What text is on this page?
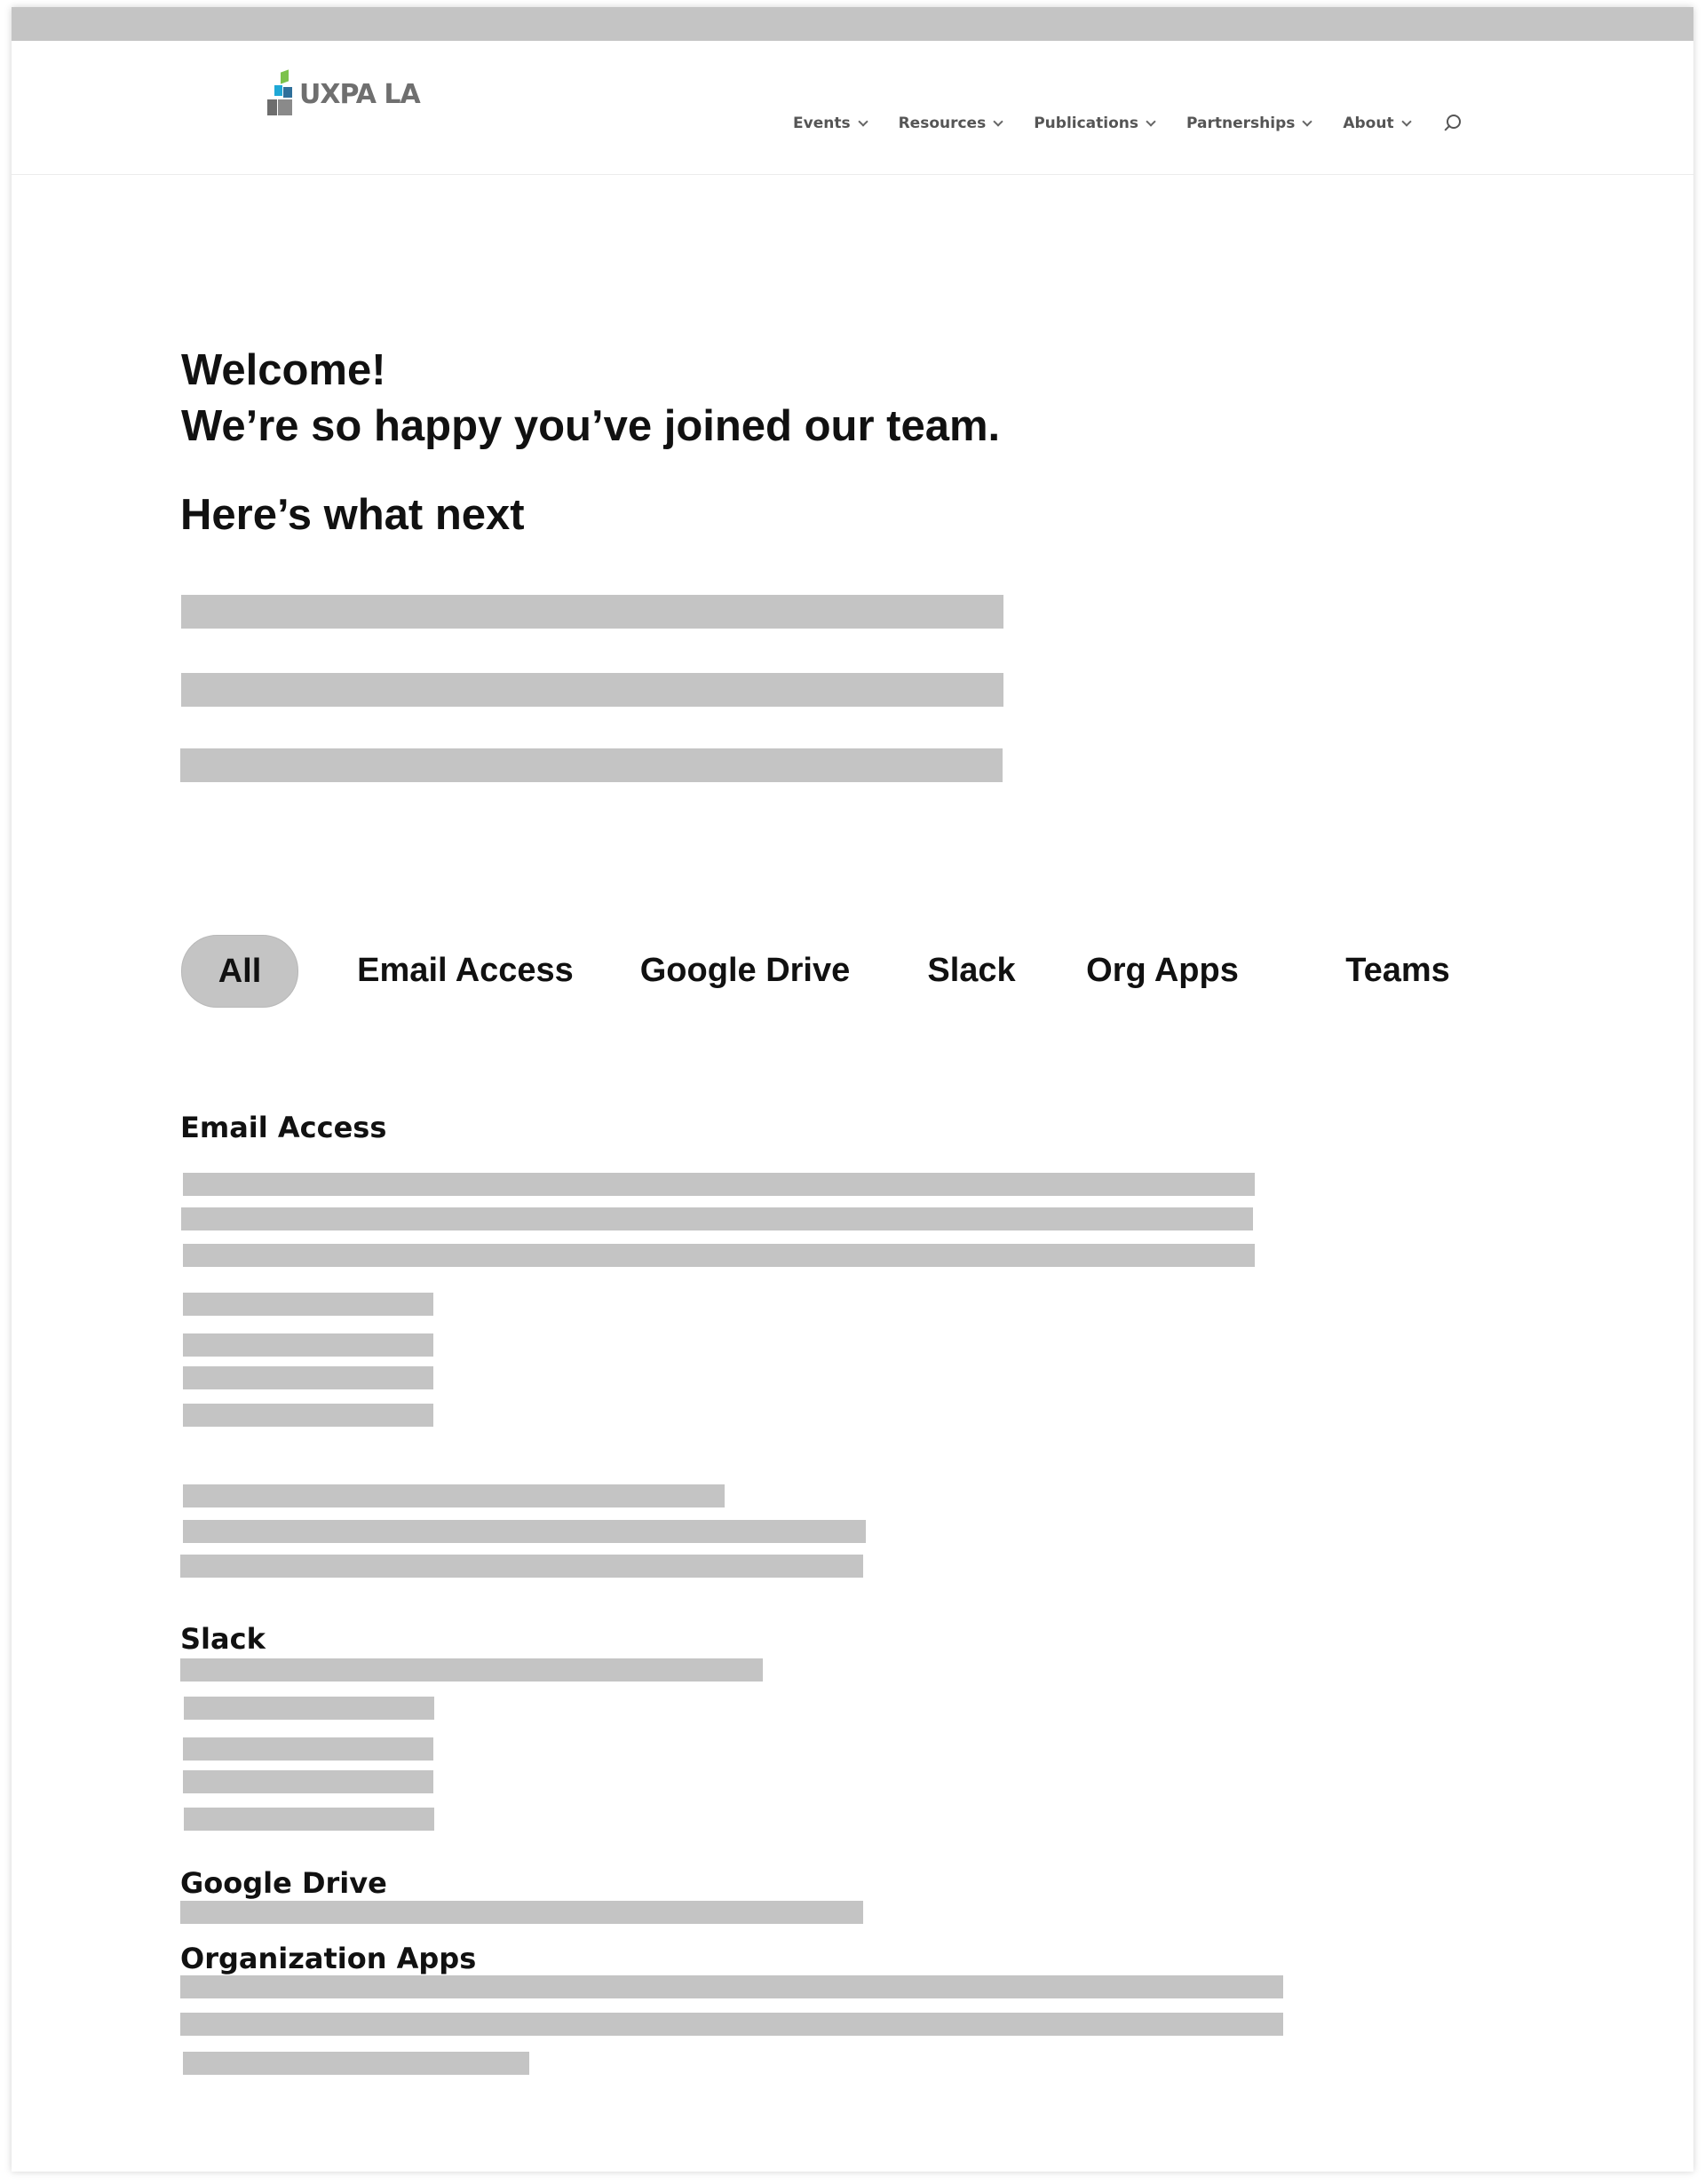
UXPA LA
Events	Resources	Publications	Partnerships	About
Welcome!
We’re so happy you’ve joined our team.
Here’s what next
All	Email Access Google Drive Slack Org Apps	Teams
Email Access
Slack
Google Drive
Organization Apps
